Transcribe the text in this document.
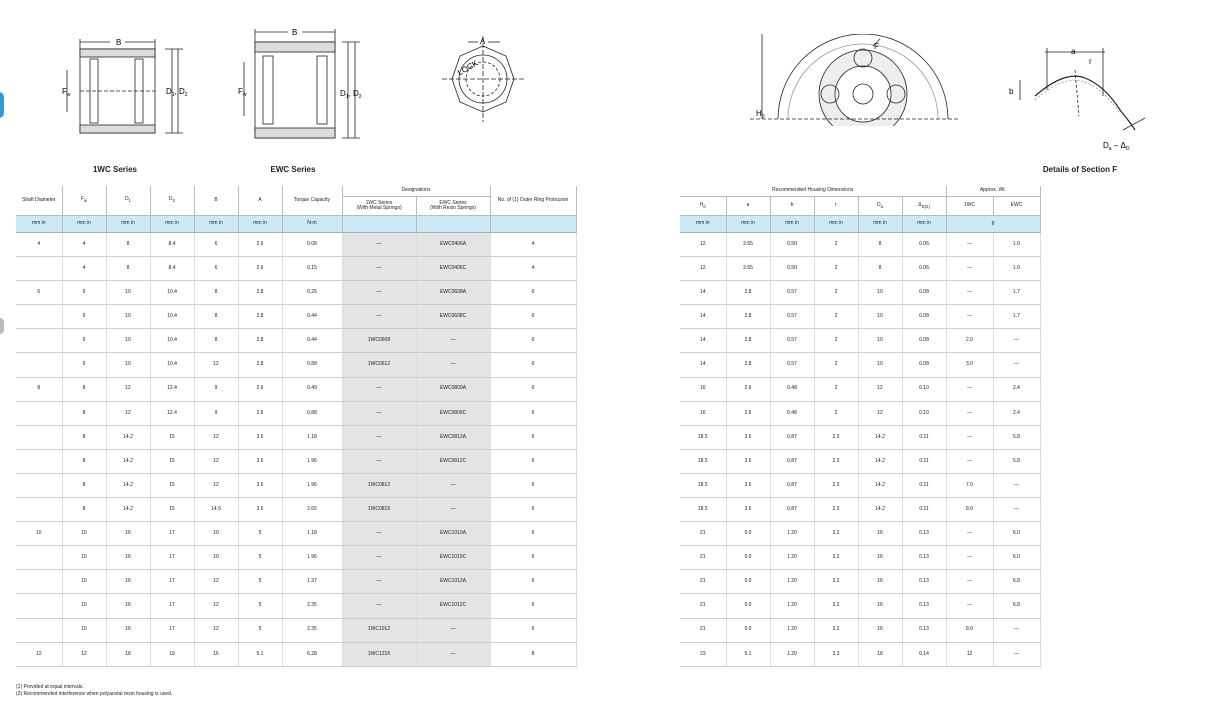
B
$F_w$	$D_1$, $D_2$
1WC Series
B
$F_w$	$D_1$, $D_2$
EWC Series
A
LOCK
$H_0$
F
a
r
b
$D_a - \Delta_D$
Details of Section F
Shaft Diameter	$F_w$	$D_1$	$D_2$	B	A	Torque Capacity	Designations		No. of (1) Outer Ring Protrusion
							1WC Series
(With Metal Springs)	EWC Series
(With Resin Springs)	
mm in	mm in	mm in	mm in	mm in	mm in	N-m			
4	4	8	8.4	6	2.6	0.08	—	EWC0406A	4
	4	8	8.4	6	2.6	0.15	—	EWC0406C	4
6	6	10	10.4	8	2.8	0.25	—	EWC0608A	6
	6	10	10.4	8	2.8	0.44	—	EWC0608C	6
	6	10	10.4	8	2.8	0.44	1WC0608	—	6
	6	10	10.4	12	2.8	0.88	1WC0612	—	6
8	8	12	12.4	9	2.6	0.49	—	EWC0809A	6
	8	12	12.4	9	2.6	0.88	—	EWC0809C	6
	8	14.2	15	12	3.6	1.18	—	EWC0812A	6
	8	14.2	15	12	3.6	1.96	—	EWC0812C	6
	8	14.2	15	12	3.6	1.96	1WC0812	—	6
	8	14.2	15	14.5	3.6	2.65	1WC0815	—	6
10	10	16	17	10	5	1.18	—	EWC1010A	6
	10	16	17	10	5	1.96	—	EWC1010C	6
	10	16	17	12	5	1.37	—	EWC1012A	6
	10	16	17	12	5	2.35	—	EWC1012C	6
	10	16	17	12	5	2.35	1WC1012	—	6
12	12	18	19	16	5.1	6.28	1WC1216	—	8
Recommended Housing Dimensions						Approx. Wt.	
$H_0$	a	b	r	$D_a$	$\Delta_{D(2)}$	1WC	EWC
mm in	mm in	mm in	mm in	mm in	mm in	g	
12	2.65	0.50	2	8	0.06	—	1.0
12	2.65	0.50	2	8	0.06	—	1.0
14	2.8	0.57	2	10	0.08	—	1.7
14	2.8	0.57	2	10	0.08	—	1.7
14	2.8	0.57	2	10	0.08	2.0	—
14	2.8	0.57	2	10	0.08	3.0	—
16	2.6	0.48	2	12	0.10	—	2.4
16	2.6	0.48	2	12	0.10	—	2.4
18.5	3.6	0.87	2.3	14.2	0.11	—	5.8
18.5	3.6	0.87	2.3	14.2	0.11	—	5.8
18.5	3.6	0.87	2.3	14.2	0.11	7.0	—
18.5	3.6	0.87	2.3	14.2	0.11	8.0	—
21	5.0	1.20	3.2	16	0.13	—	6.0
21	5.0	1.20	3.2	16	0.13	—	6.0
21	5.0	1.20	3.2	16	0.13	—	6.8
21	5.0	1.20	3.2	16	0.13	—	6.8
21	5.0	1.20	3.2	16	0.13	8.0	—
23	5.1	1.20	3.3	18	0.14	12	—
(1) Provided at equal intervals.
(2) Recommended interference when polyacetal resin housing is used.
